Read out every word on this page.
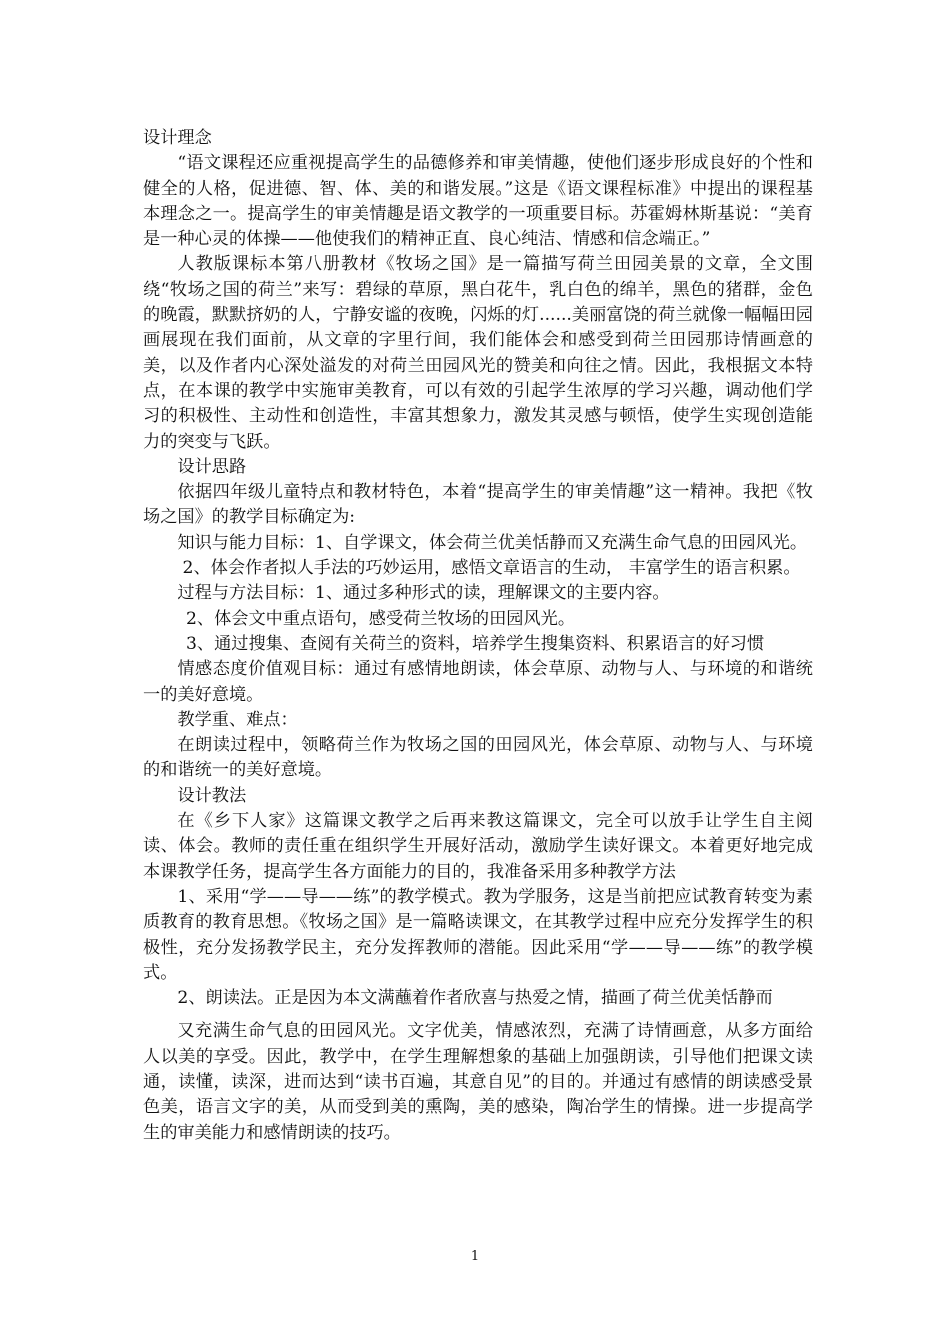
设计理念

“语文课程还应重视提高学生的品德修养和审美情趣，使他们逐步形成良好的个性和健全的人格，促进德、智、体、美的和谐发展。”这是《语文课程标准》中提出的课程基本理念之一。提高学生的审美情趣是语文教学的一项重要目标。苏霍姆林斯基说：“美育是一种心灵的体操——他使我们的精神正直、良心纯洁、情感和信念端正。”

人教版课标本第八册教材《牧场之国》是一篇描写荷兰田园美景的文章，全文围绕“牧场之国的荷兰”来写：碧绿的草原，黑白花牛，乳白色的绵羊，黑色的猪群，金色的晚霞，默默挤奶的人，宁静安谧的夜晚，闪烁的灯......美丽富饶的荷兰就像一幅幅田园画展现在我们面前，从文章的字里行间，我们能体会和感受到荷兰田园那诗情画意的美，以及作者内心深处溢发的对荷兰田园风光的赞美和向往之情。因此，我根据文本特点，在本课的教学中实施审美教育，可以有效的引起学生浓厚的学习兴趣，调动他们学习的积极性、主动性和创造性，丰富其想象力，激发其灵感与顿悟，使学生实现创造能力的突变与飞跃。

设计思路

依据四年级儿童特点和教材特色，本着“提高学生的审美情趣”这一精神。我把《牧场之国》的教学目标确定为:

知识与能力目标：1、自学课文，体会荷兰优美恬静而又充满生命气息的田园风光。

2、体会作者拟人手法的巧妙运用，感悟文章语言的生动， 丰富学生的语言积累。

过程与方法目标：1、通过多种形式的读，理解课文的主要内容。

2、体会文中重点语句，感受荷兰牧场的田园风光。

3、通过搜集、查阅有关荷兰的资料，培养学生搜集资料、积累语言的好习惯

情感态度价值观目标：通过有感情地朗读，体会草原、动物与人、与环境的和谐统一的美好意境。

教学重、难点：

在朗读过程中，领略荷兰作为牧场之国的田园风光，体会草原、动物与人、与环境的和谐统一的美好意境。

设计教法

在《乡下人家》这篇课文教学之后再来教这篇课文，完全可以放手让学生自主阅读、体会。教师的责任重在组织学生开展好活动，激励学生读好课文。本着更好地完成本课教学任务，提高学生各方面能力的目的，我准备采用多种教学方法

1、采用“学——导——练”的教学模式。教为学服务，这是当前把应试教育转变为素质教育的教育思想。《牧场之国》是一篇略读课文，在其教学过程中应充分发挥学生的积极性，充分发扬教学民主，充分发挥教师的潜能。因此采用“学——导——练”的教学模式。

2、朗读法。正是因为本文满蘸着作者欣喜与热爱之情，描画了荷兰优美恬静而

又充满生命气息的田园风光。文字优美，情感浓烈，充满了诗情画意，从多方面给人以美的享受。因此，教学中，在学生理解想象的基础上加强朗读，引导他们把课文读通，读懂，读深，进而达到“读书百遍，其意自见”的目的。并通过有感情的朗读感受景色美，语言文字的美，从而受到美的熏陶，美的感染，陶冶学生的情操。进一步提高学生的审美能力和感情朗读的技巧。

1
